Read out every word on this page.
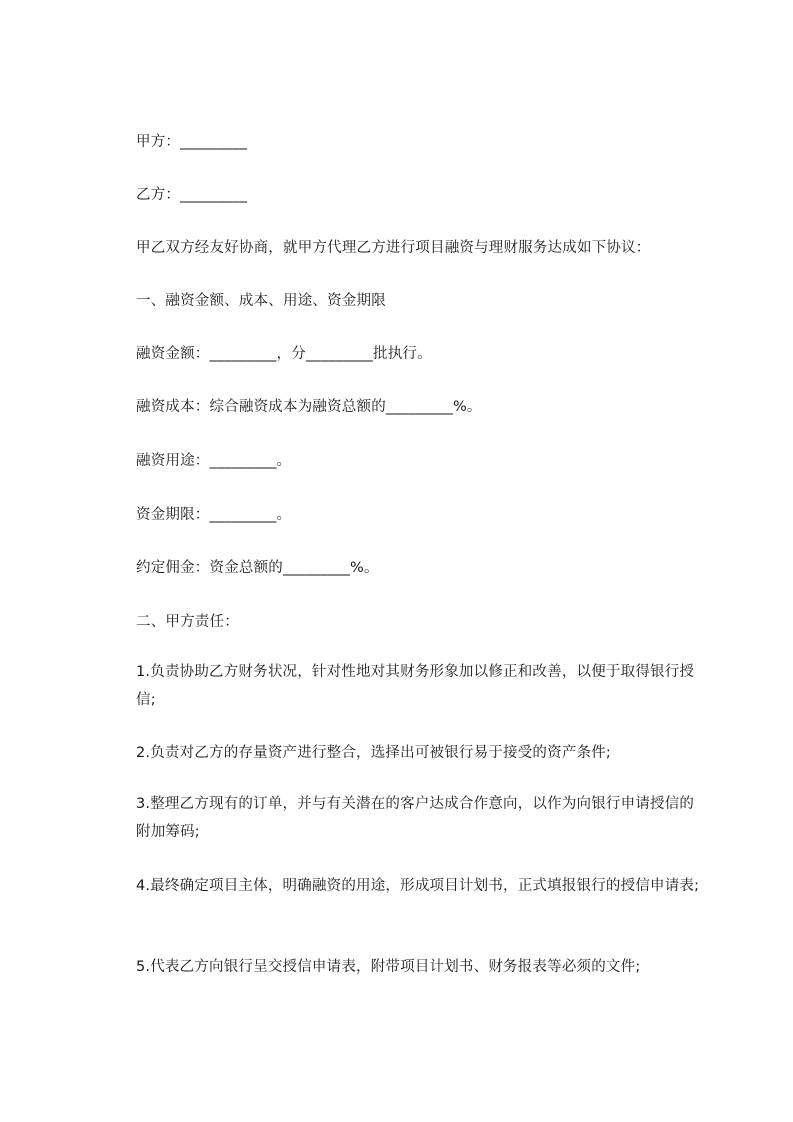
甲方：_________
乙方：_________
甲乙双方经友好协商，就甲方代理乙方进行项目融资与理财服务达成如下协议：
一、融资金额、成本、用途、资金期限
融资金额：_________，分_________批执行。
融资成本：综合融资成本为融资总额的_________%。
融资用途：_________。
资金期限：_________。
约定佣金：资金总额的_________%。
二、甲方责任：
1.负责协助乙方财务状况，针对性地对其财务形象加以修正和改善，以便于取得银行授信;
2.负责对乙方的存量资产进行整合，选择出可被银行易于接受的资产条件;
3.整理乙方现有的订单，并与有关潜在的客户达成合作意向，以作为向银行申请授信的附加筹码;
4.最终确定项目主体，明确融资的用途，形成项目计划书，正式填报银行的授信申请表;
5.代表乙方向银行呈交授信申请表，附带项目计划书、财务报表等必须的文件;
